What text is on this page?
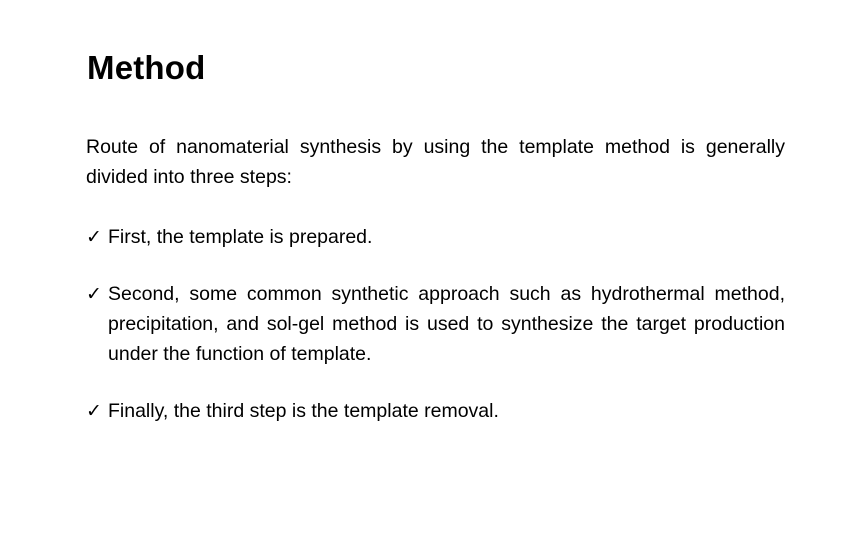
Method

Route of nanomaterial synthesis by using the template method is generally divided into three steps:

✓ First, the template is prepared.
✓ Second, some common synthetic approach such as hydrothermal method, precipitation, and sol-gel method is used to synthesize the target production under the function of template.
✓ Finally, the third step is the template removal.
